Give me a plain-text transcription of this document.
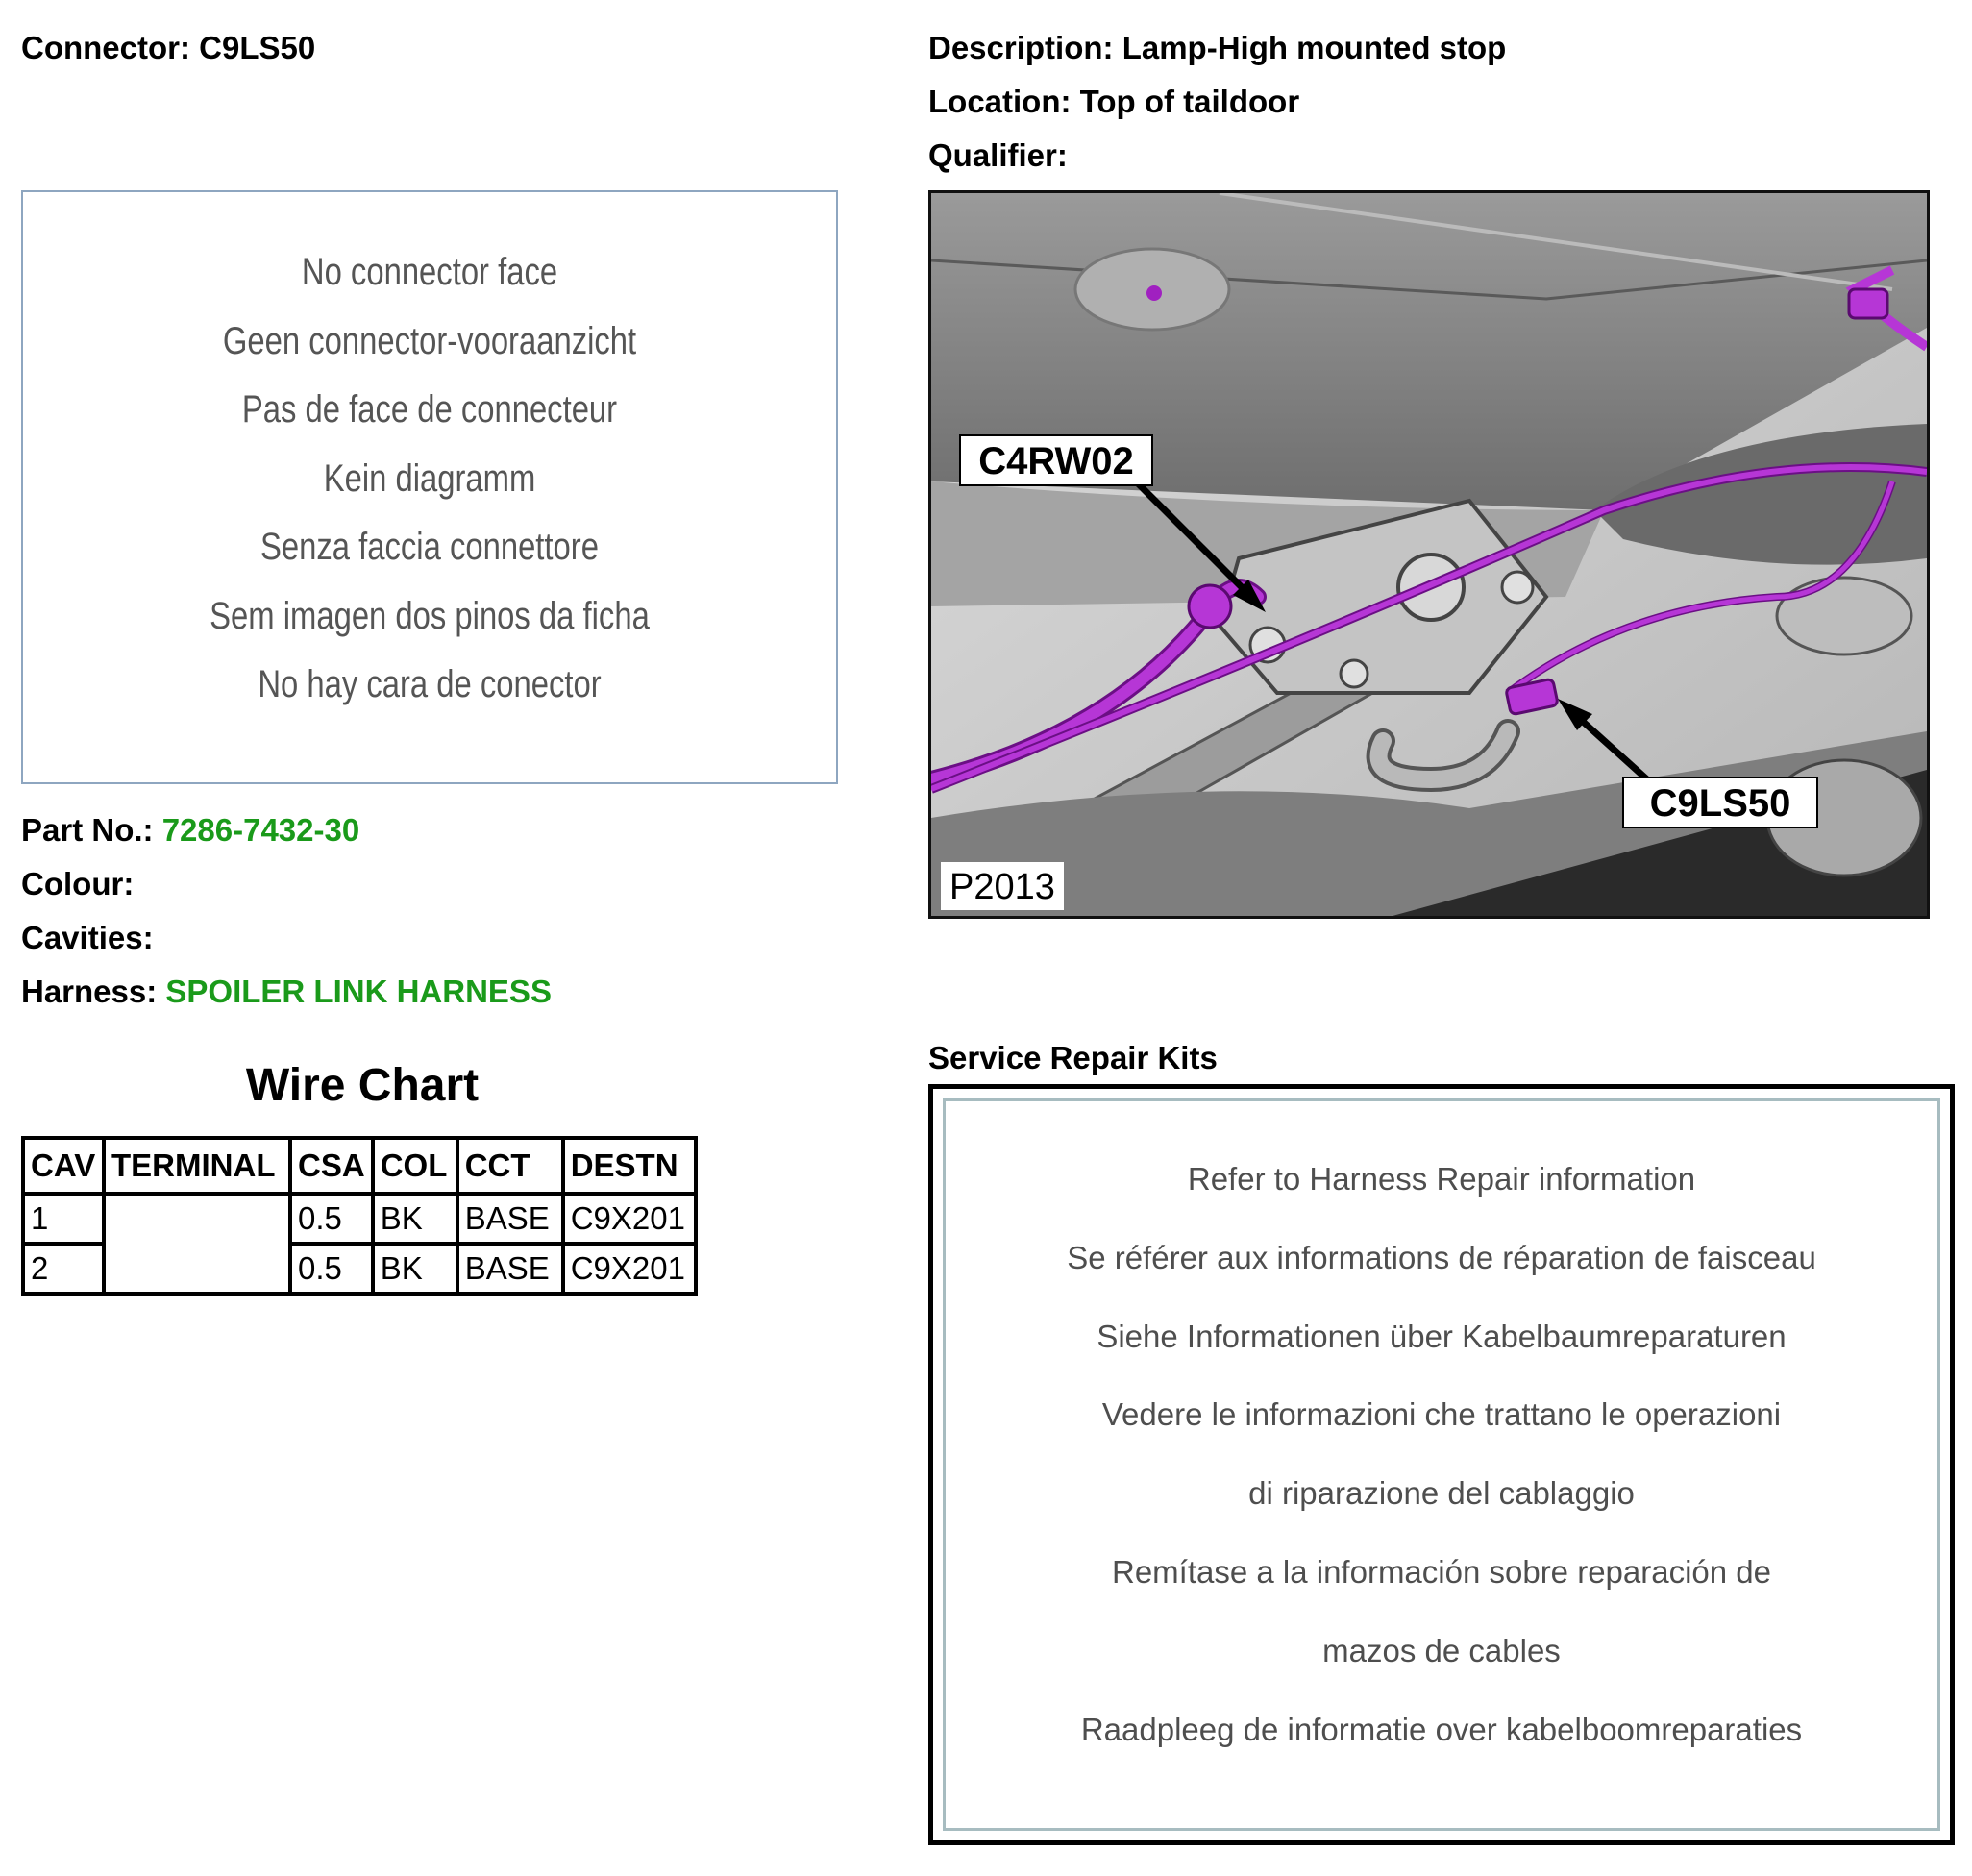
Connector: C9LS50	Description: Lamp-High mounted stop
Location: Top of taildoor
Qualifier:
No connector face
Geen connector-vooraanzicht
Pas de face de connecteur
Kein diagramm
Senza faccia connettore
Sem imagen dos pinos da ficha
No hay cara de conector
C4RW02
C9LS50
P2013
Part No.: 7286-7432-30
Colour:
Cavities:
Harness: SPOILER LINK HARNESS
Wire Chart
CAV	TERMINAL	CSA	COL	CCT	DESTN
1		0.5	BK	BASE	C9X201
2		0.5	BK	BASE	C9X201
Service Repair Kits
Refer to Harness Repair information
Se référer aux informations de réparation de faisceau
Siehe Informationen über Kabelbaumreparaturen
Vedere le informazioni che trattano le operazioni
di riparazione del cablaggio
Remítase a la información sobre reparación de
mazos de cables
Raadpleeg de informatie over kabelboomreparaties
